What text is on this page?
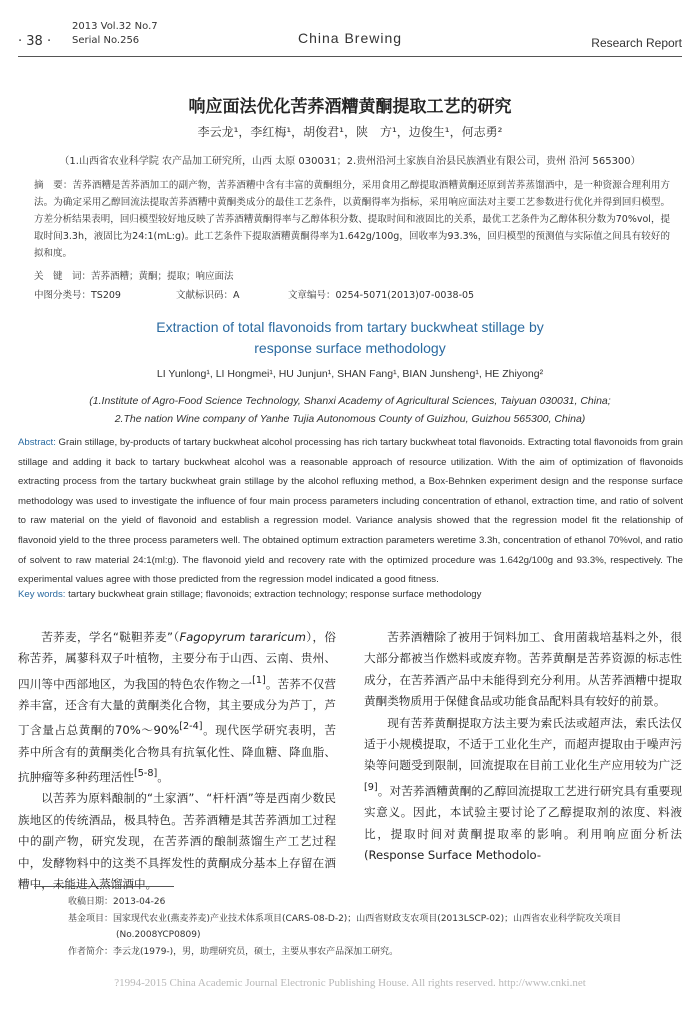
2013 Vol.32 No.7
Serial No.256
· 38 ·	China Brewing	Research Report
响应面法优化苦荞酒糟黄酮提取工艺的研究
李云龙¹，李红梅¹，胡俊君¹，陕　方¹，边俊生¹，何志勇²
（1.山西省农业科学院 农产品加工研究所，山西 太原 030031；2.贵州沿河土家族自治县民族酒业有限公司，贵州 沿河 565300）
摘　要：苦荞酒糟是苦荞酒加工的副产物，苦荞酒糟中含有丰富的黄酮组分，采用食用乙醇提取酒糟黄酮还原到苦荞蒸馏酒中，是一种资源合理利用方法。为确定采用乙醇回流法提取苦荞酒糟中黄酮类成分的最佳工艺条件，以黄酮得率为指标，采用响应面法对主要工艺参数进行优化并得到回归模型。方差分析结果表明，回归模型较好地反映了苦荞酒糟黄酮得率与乙醇体积分数、提取时间和液固比的关系，最优工艺条件为乙醇体积分数为70%vol，提取时间3.3h，液固比为24:1(mL:g)。此工艺条件下提取酒糟黄酮得率为1.642g/100g，回收率为93.3%，回归模型的预测值与实际值之间具有较好的拟和度。
关　键　词：苦荞酒糟；黄酮；提取；响应面法
中图分类号：TS209	文献标识码：A	文章编号：0254-5071(2013)07-0038-05
Extraction of total flavonoids from tartary buckwheat stillage by
response surface methodology
LI Yunlong¹, LI Hongmei¹, HU Junjun¹, SHAN Fang¹, BIAN Junsheng¹, HE Zhiyong²
(1.Institute of Agro-Food Science Technology, Shanxi Academy of Agricultural Sciences, Taiyuan 030031, China;
2.The nation Wine company of Yanhe Tujia Autonomous County of Guizhou, Guizhou 565300, China)
Abstract: Grain stillage, by-products of tartary buckwheat alcohol processing has rich tartary buckwheat total flavonoids. Extracting total flavonoids from grain stillage and adding it back to tartary buckwheat alcohol was a reasonable approach of resource utilization. With the aim of optimization of flavonoids extracting process from the tartary buckwheat grain stillage by the alcohol refluxing method, a Box-Behnken experiment design and the response surface methodology was used to investigate the influence of four main process parameters including concentration of ethanol, extraction time, and ratio of solvent to raw material on the yield of flavonoid and establish a regression model. Variance analysis showed that the regression model fit the relationship of flavonoid yield to the three process parameters well. The obtained optimum extraction parameters weretime 3.3h, concentration of ethanol 70%vol, and ratio of solvent to raw material 24:1(ml:g). The flavonoid yield and recovery rate with the optimized procedure was 1.642g/100g and 93.3%, respectively. The experimental values agree with those predicted from the regression model indicated a good fitness.
Key words: tartary buckwheat grain stillage; flavonoids; extraction technology; response surface methodology

苦荞麦，学名“鞑靼荞麦”（Fagopyrum tararicum），俗称苦荞，属蓼科双子叶植物，主要分布于山西、云南、贵州、四川等中西部地区，为我国的特色农作物之一[1]。苦荞不仅营养丰富，还含有大量的黄酮类化合物，其主要成分为芦丁，芦丁含量占总黄酮的70%～90%[2-4]。现代医学研究表明，苦荞中所含有的黄酮类化合物具有抗氧化性、降血糖、降血脂、抗肿瘤等多种药理活性[5-8]。

以苦荞为原料酿制的“土家酒”、“杆杆酒”等是西南少数民族地区的传统酒品，极具特色。苦荞酒糟是其苦荞酒加工过程中的副产物，研究发现，在苦荞酒的酿制蒸馏生产工艺过程中，发酵物料中的这类不具挥发性的黄酮成分基本上存留在酒糟中，未能进入蒸馏酒中。

苦荞酒糟除了被用于饲料加工、食用菌栽培基料之外，很大部分都被当作燃料或废弃物。苦荞黄酮是苦荞资源的标志性成分，在苦荞酒产品中未能得到充分利用。从苦荞酒糟中提取黄酮类物质用于保健食品或功能食品配料具有较好的前景。

现有苦荞黄酮提取方法主要为索氏法或超声法，索氏法仅适于小规模提取，不适于工业化生产，而超声提取由于噪声污染等问题受到限制，回流提取在目前工业化生产应用较为广泛[9]。对苦荞酒糟黄酮的乙醇回流提取工艺进行研究具有重要现实意义。因此，本试验主要讨论了乙醇提取剂的浓度、料液比，提取时间对黄酮提取率的影响。利用响应面分析法(Response Surface Methodolo-

收稿日期：2013-04-26
基金项目：国家现代农业(燕麦荞麦)产业技术体系项目(CARS-08-D-2)；山西省财政支农项目(2013LSCP-02)；山西省农业科学院攻关项目
(No.2008YCP0809)
作者简介：李云龙(1979-)，男，助理研究员，硕士，主要从事农产品深加工研究。
?1994-2015 China Academic Journal Electronic Publishing House. All rights reserved. http://www.cnki.net
